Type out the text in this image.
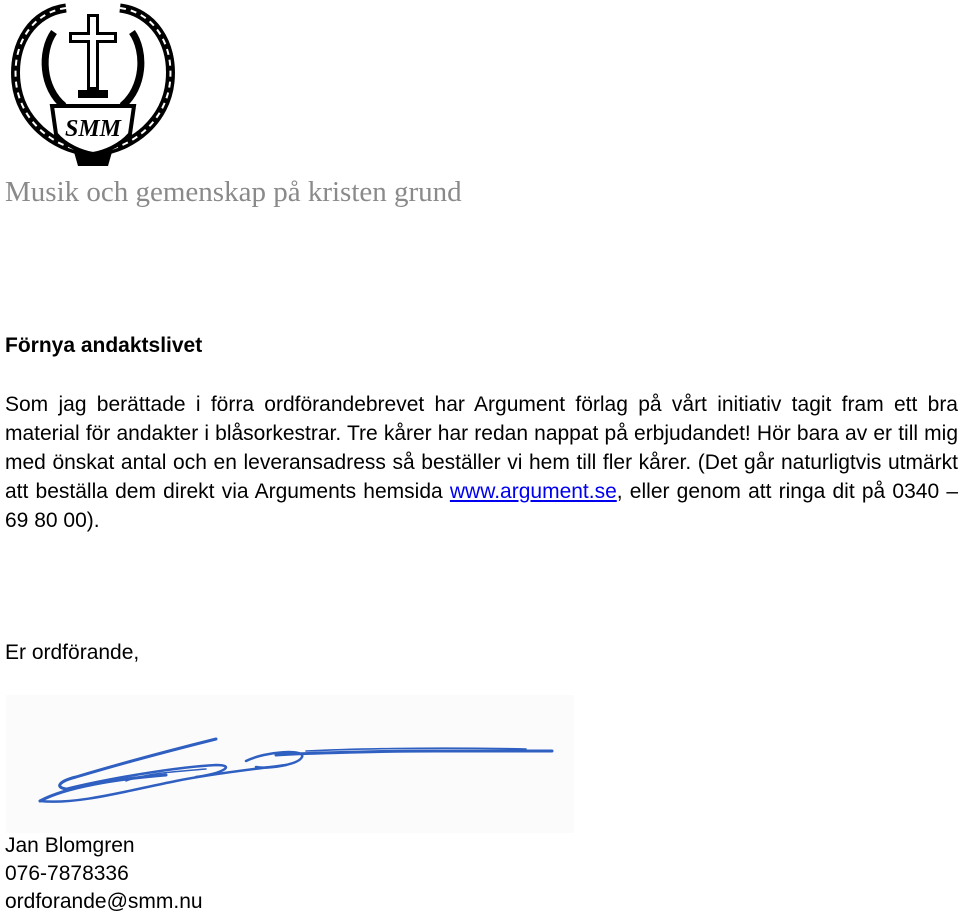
SMM
Musik och gemenskap på kristen grund
Förnya andaktslivet

Som jag berättade i förra ordförandebrevet har Argument förlag på vårt initiativ tagit fram ett bra material för andakter i blåsorkestrar. Tre kårer har redan nappat på erbjudandet! Hör bara av er till mig med önskat antal och en leveransadress så beställer vi hem till fler kårer. (Det går naturligtvis utmärkt att beställa dem direkt via Arguments hemsida www.argument.se, eller genom att ringa dit på 0340 – 69 80 00).

Er ordförande,

Jan Blomgren
076-7878336
ordforande@smm.nu
